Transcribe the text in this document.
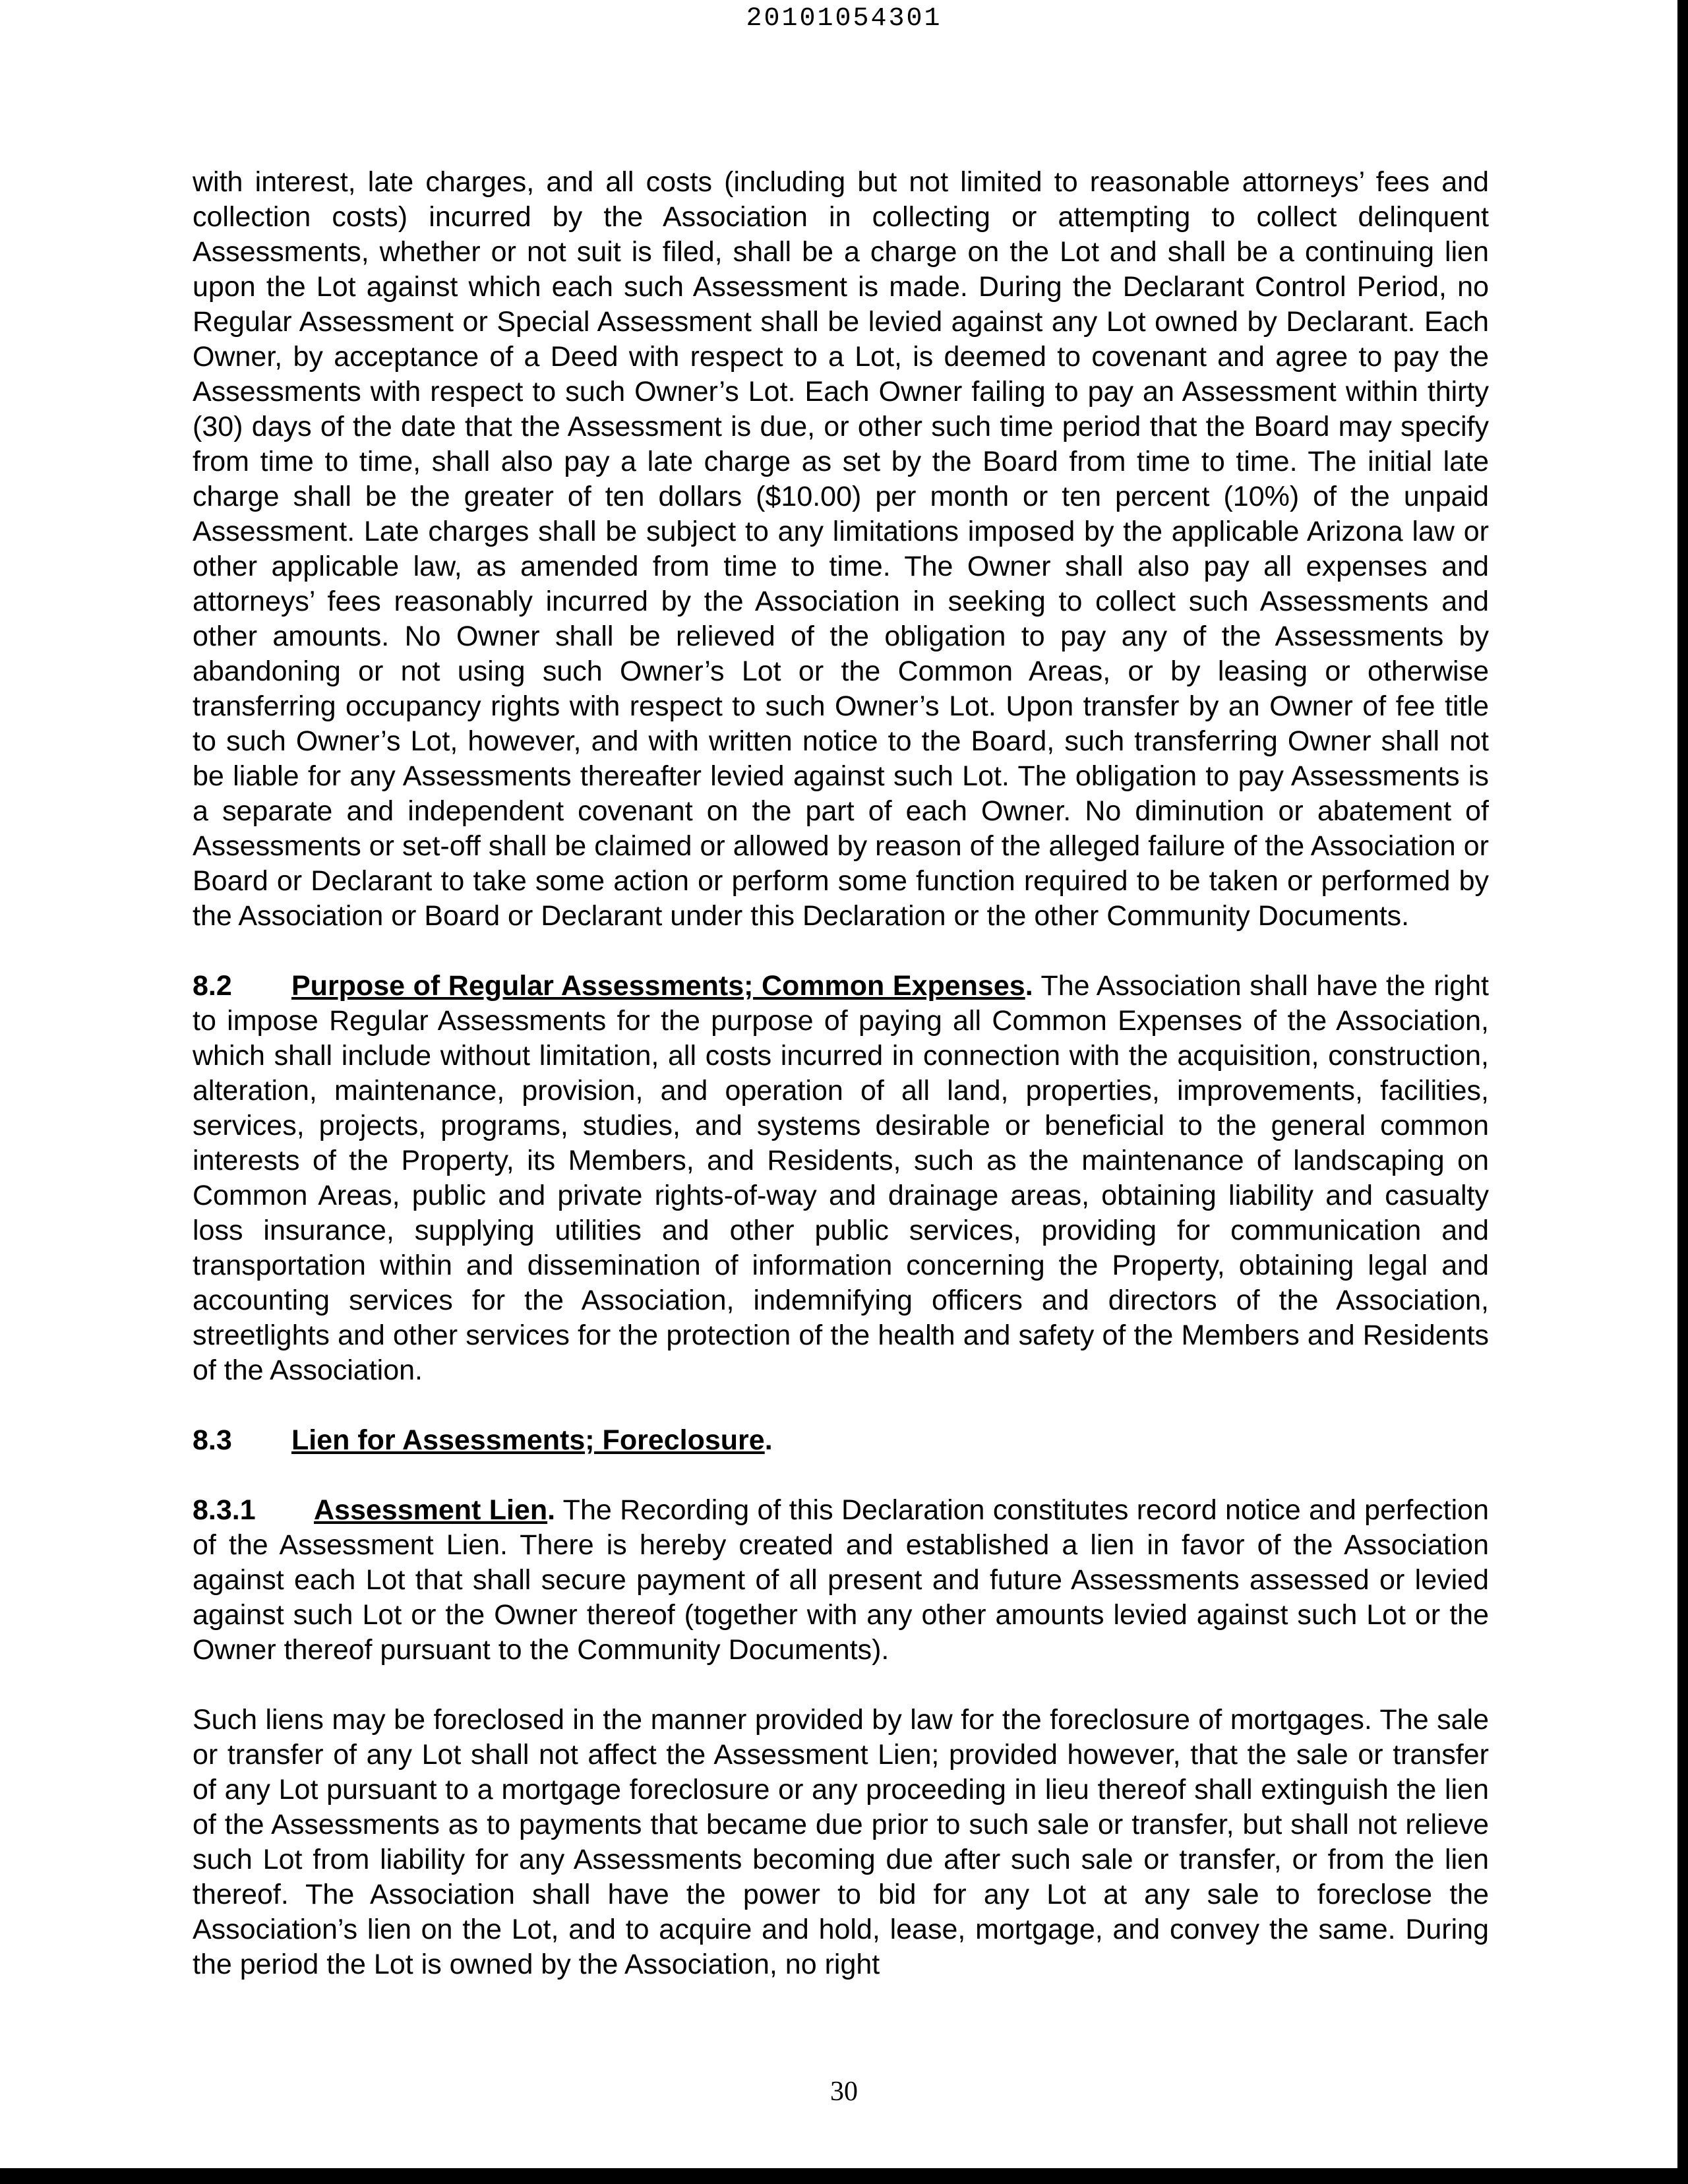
20101054301

with interest, late charges, and all costs (including but not limited to reasonable attorneys’ fees and collection costs) incurred by the Association in collecting or attempting to collect delinquent Assessments, whether or not suit is filed, shall be a charge on the Lot and shall be a continuing lien upon the Lot against which each such Assessment is made. During the Declarant Control Period, no Regular Assessment or Special Assessment shall be levied against any Lot owned by Declarant. Each Owner, by acceptance of a Deed with respect to a Lot, is deemed to covenant and agree to pay the Assessments with respect to such Owner’s Lot. Each Owner failing to pay an Assessment within thirty (30) days of the date that the Assessment is due, or other such time period that the Board may specify from time to time, shall also pay a late charge as set by the Board from time to time. The initial late charge shall be the greater of ten dollars ($10.00) per month or ten percent (10%) of the unpaid Assessment. Late charges shall be subject to any limitations imposed by the applicable Arizona law or other applicable law, as amended from time to time. The Owner shall also pay all expenses and attorneys’ fees reasonably incurred by the Association in seeking to collect such Assessments and other amounts. No Owner shall be relieved of the obligation to pay any of the Assessments by abandoning or not using such Owner’s Lot or the Common Areas, or by leasing or otherwise transferring occupancy rights with respect to such Owner’s Lot. Upon transfer by an Owner of fee title to such Owner’s Lot, however, and with written notice to the Board, such transferring Owner shall not be liable for any Assessments thereafter levied against such Lot. The obligation to pay Assessments is a separate and independent covenant on the part of each Owner. No diminution or abatement of Assessments or set-off shall be claimed or allowed by reason of the alleged failure of the Association or Board or Declarant to take some action or perform some function required to be taken or performed by the Association or Board or Declarant under this Declaration or the other Community Documents.

8.2 Purpose of Regular Assessments; Common Expenses. The Association shall have the right to impose Regular Assessments for the purpose of paying all Common Expenses of the Association, which shall include without limitation, all costs incurred in connection with the acquisition, construction, alteration, maintenance, provision, and operation of all land, properties, improvements, facilities, services, projects, programs, studies, and systems desirable or beneficial to the general common interests of the Property, its Members, and Residents, such as the maintenance of landscaping on Common Areas, public and private rights-of-way and drainage areas, obtaining liability and casualty loss insurance, supplying utilities and other public services, providing for communication and transportation within and dissemination of information concerning the Property, obtaining legal and accounting services for the Association, indemnifying officers and directors of the Association, streetlights and other services for the protection of the health and safety of the Members and Residents of the Association.

8.3 Lien for Assessments; Foreclosure.

8.3.1 Assessment Lien. The Recording of this Declaration constitutes record notice and perfection of the Assessment Lien. There is hereby created and established a lien in favor of the Association against each Lot that shall secure payment of all present and future Assessments assessed or levied against such Lot or the Owner thereof (together with any other amounts levied against such Lot or the Owner thereof pursuant to the Community Documents).

Such liens may be foreclosed in the manner provided by law for the foreclosure of mortgages. The sale or transfer of any Lot shall not affect the Assessment Lien; provided however, that the sale or transfer of any Lot pursuant to a mortgage foreclosure or any proceeding in lieu thereof shall extinguish the lien of the Assessments as to payments that became due prior to such sale or transfer, but shall not relieve such Lot from liability for any Assessments becoming due after such sale or transfer, or from the lien thereof. The Association shall have the power to bid for any Lot at any sale to foreclose the Association’s lien on the Lot, and to acquire and hold, lease, mortgage, and convey the same. During the period the Lot is owned by the Association, no right

30
